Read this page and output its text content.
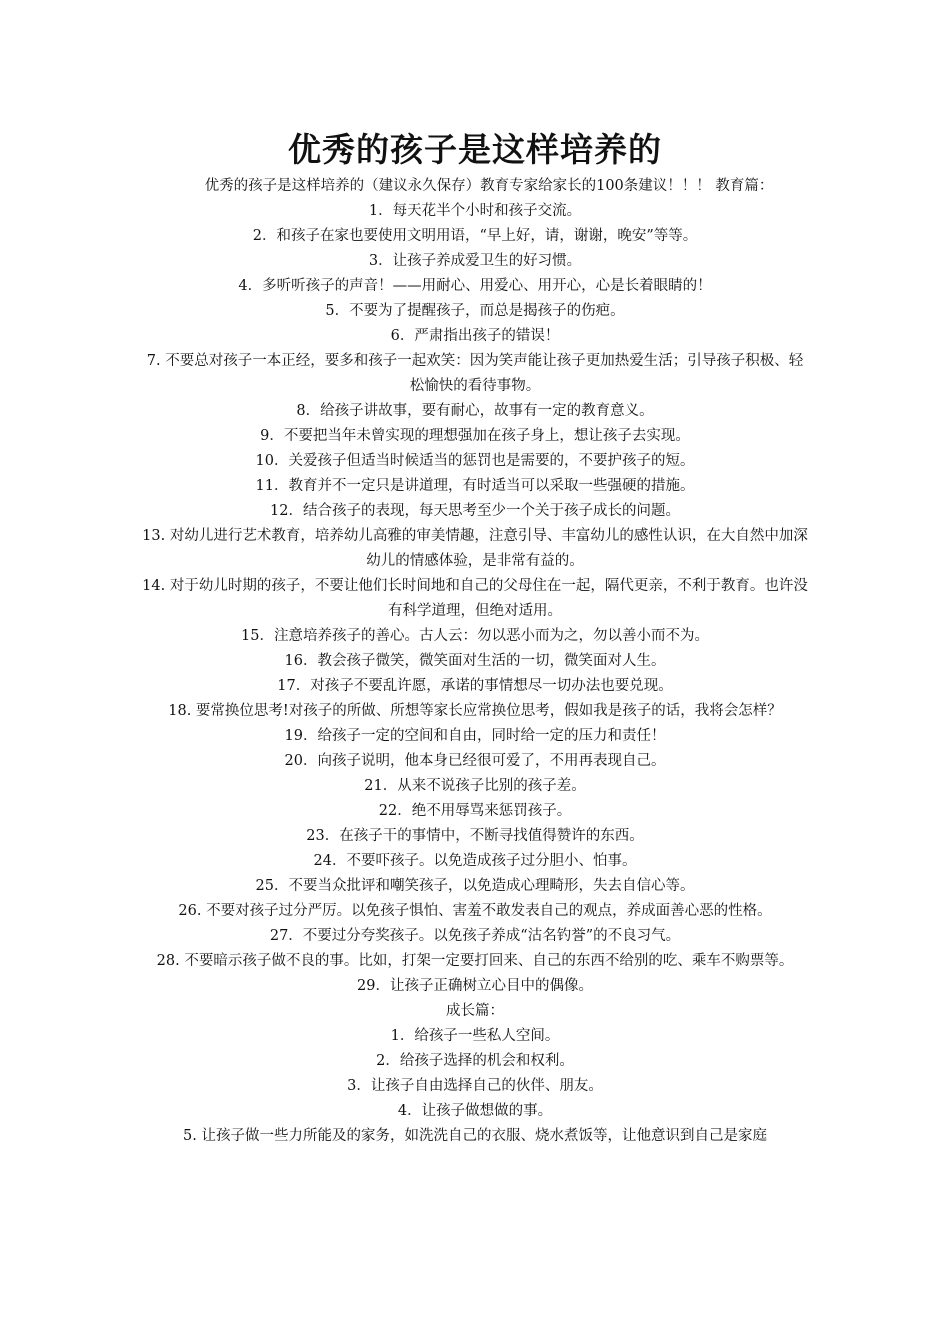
优秀的孩子是这样培养的

优秀的孩子是这样培养的（建议永久保存）教育专家给家长的100条建议！！！ 教育篇：

1．每天花半个小时和孩子交流。

2．和孩子在家也要使用文明用语，“早上好，请，谢谢，晚安”等等。

3．让孩子养成爱卫生的好习惯。

4．多听听孩子的声音！——用耐心、用爱心、用开心，心是长着眼睛的！

5．不要为了提醒孩子，而总是揭孩子的伤疤。

6．严肃指出孩子的错误！

7. 不要总对孩子一本正经，要多和孩子一起欢笑：因为笑声能让孩子更加热爱生活；引导孩子积极、轻松愉快的看待事物。

8．给孩子讲故事，要有耐心，故事有一定的教育意义。

9．不要把当年未曾实现的理想强加在孩子身上，想让孩子去实现。

10．关爱孩子但适当时候适当的惩罚也是需要的，不要护孩子的短。

11．教育并不一定只是讲道理，有时适当可以采取一些强硬的措施。

12．结合孩子的表现，每天思考至少一个关于孩子成长的问题。

13. 对幼儿进行艺术教育，培养幼儿高雅的审美情趣，注意引导、丰富幼儿的感性认识，在大自然中加深幼儿的情感体验，是非常有益的。

14. 对于幼儿时期的孩子，不要让他们长时间地和自己的父母住在一起，隔代更亲，不利于教育。也许没有科学道理，但绝对适用。

15．注意培养孩子的善心。古人云：勿以恶小而为之，勿以善小而不为。

16．教会孩子微笑，微笑面对生活的一切，微笑面对人生。

17．对孩子不要乱许愿，承诺的事情想尽一切办法也要兑现。

18. 要常换位思考!对孩子的所做、所想等家长应常换位思考，假如我是孩子的话，我将会怎样？

19．给孩子一定的空间和自由，同时给一定的压力和责任！

20．向孩子说明，他本身已经很可爱了，不用再表现自己。

21．从来不说孩子比别的孩子差。

22．绝不用辱骂来惩罚孩子。

23．在孩子干的事情中，不断寻找值得赞许的东西。

24．不要吓孩子。以免造成孩子过分胆小、怕事。

25．不要当众批评和嘲笑孩子，以免造成心理畸形，失去自信心等。

26. 不要对孩子过分严厉。以免孩子惧怕、害羞不敢发表自己的观点，养成面善心恶的性格。

27．不要过分夸奖孩子。以免孩子养成“沽名钓誉”的不良习气。

28. 不要暗示孩子做不良的事。比如，打架一定要打回来、自己的东西不给别的吃、乘车不购票等。

29．让孩子正确树立心目中的偶像。

成长篇：

1．给孩子一些私人空间。

2．给孩子选择的机会和权利。

3．让孩子自由选择自己的伙伴、朋友。

4．让孩子做想做的事。

5. 让孩子做一些力所能及的家务，如洗洗自己的衣服、烧水煮饭等，让他意识到自己是家庭
